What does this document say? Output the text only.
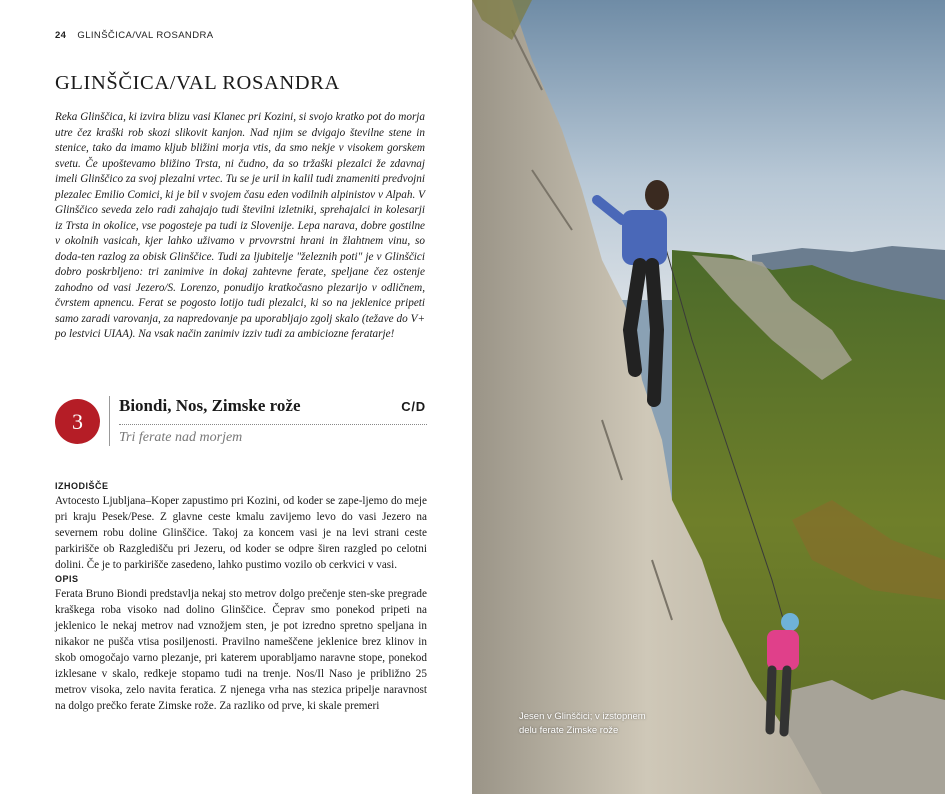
24 GLINŠČICA/VAL ROSANDRA
GLINŠČICA/VAL ROSANDRA
Reka Glinščica, ki izvira blizu vasi Klanec pri Kozini, si svojo kratko pot do morja utre čez kraški rob skozi slikovit kanjon. Nad njim se dvigajo številne stene in stenice, tako da imamo kljub bližini morja vtis, da smo nekje v visokem gorskem svetu. Če upoštevamo bližino Trsta, ni čudno, da so tržaški plezalci že zdavnaj imeli Glinščico za svoj plezalni vrtec. Tu se je uril in kalil tudi znameniti predvojni plezalec Emilio Comici, ki je bil v svojem času eden vodilnih alpinistov v Alpah. V Glinščico seveda zelo radi zahajajo tudi številni izletniki, sprehajalci in kolesarji iz Trsta in okolice, vse pogosteje pa tudi iz Slovenije. Lepa narava, dobre gostilne v okolnih vasicah, kjer lahko uživamo v prvovrstni hrani in žlahtnem vinu, so doda-ten razlog za obisk Glinščice. Tudi za ljubitelje "železnih poti" je v Glinščici dobro poskrbljeno: tri zanimive in dokaj zahtevne ferate, speljane čez ostenje zahodno od vasi Jezero/S. Lorenzo, ponudijo kratkočasno plezarijo v odličnem, čvrstem apnencu. Ferat se pogosto lotijo tudi plezalci, ki so na jeklenice pripeti samo zaradi varovanja, za napredovanje pa uporabljajo zgolj skalo (težave do V+ po lestvici UIAA). Na vsak način zanimiv izziv tudi za ambiciozne feratarje!
3
Biondi, Nos, Zimske rože	C/D
Tri ferate nad morjem
IZHODIŠČE
Avtocesto Ljubljana–Koper zapustimo pri Kozini, od koder se zape-ljemo do meje pri kraju Pesek/Pese. Z glavne ceste kmalu zavijemo levo do vasi Jezero na severnem robu doline Glinščice. Takoj za koncem vasi je na levi strani ceste parkirišče ob Razgledišču pri Jezeru, od koder se odpre širen razgled po celotni dolini. Če je to parkirišče zasedeno, lahko pustimo vozilo ob cerkvici v vasi.
OPIS
Ferata Bruno Biondi predstavlja nekaj sto metrov dolgo prečenje sten-ske pregrade kraškega roba visoko nad dolino Glinščice. Čeprav smo ponekod pripeti na jeklenico le nekaj metrov nad vznožjem sten, je pot izredno spretno speljana in nikakor ne pušča vtisa posiljenosti. Pravilno nameščene jeklenice brez klinov in skob omogočajo varno plezanje, pri katerem uporabljamo naravne stope, ponekod izklesane v skalo, redkeje stopamo tudi na trenje. Nos/Il Naso je približno 25 metrov visoka, zelo navita feratica. Z njenega vrha nas stezica pripelje naravnost na dolgo prečko ferate Zimske rože. Za razliko od prve, ki skale premeri
Jesen v Glinščici; v izstopnem delu ferate Zimske rože
